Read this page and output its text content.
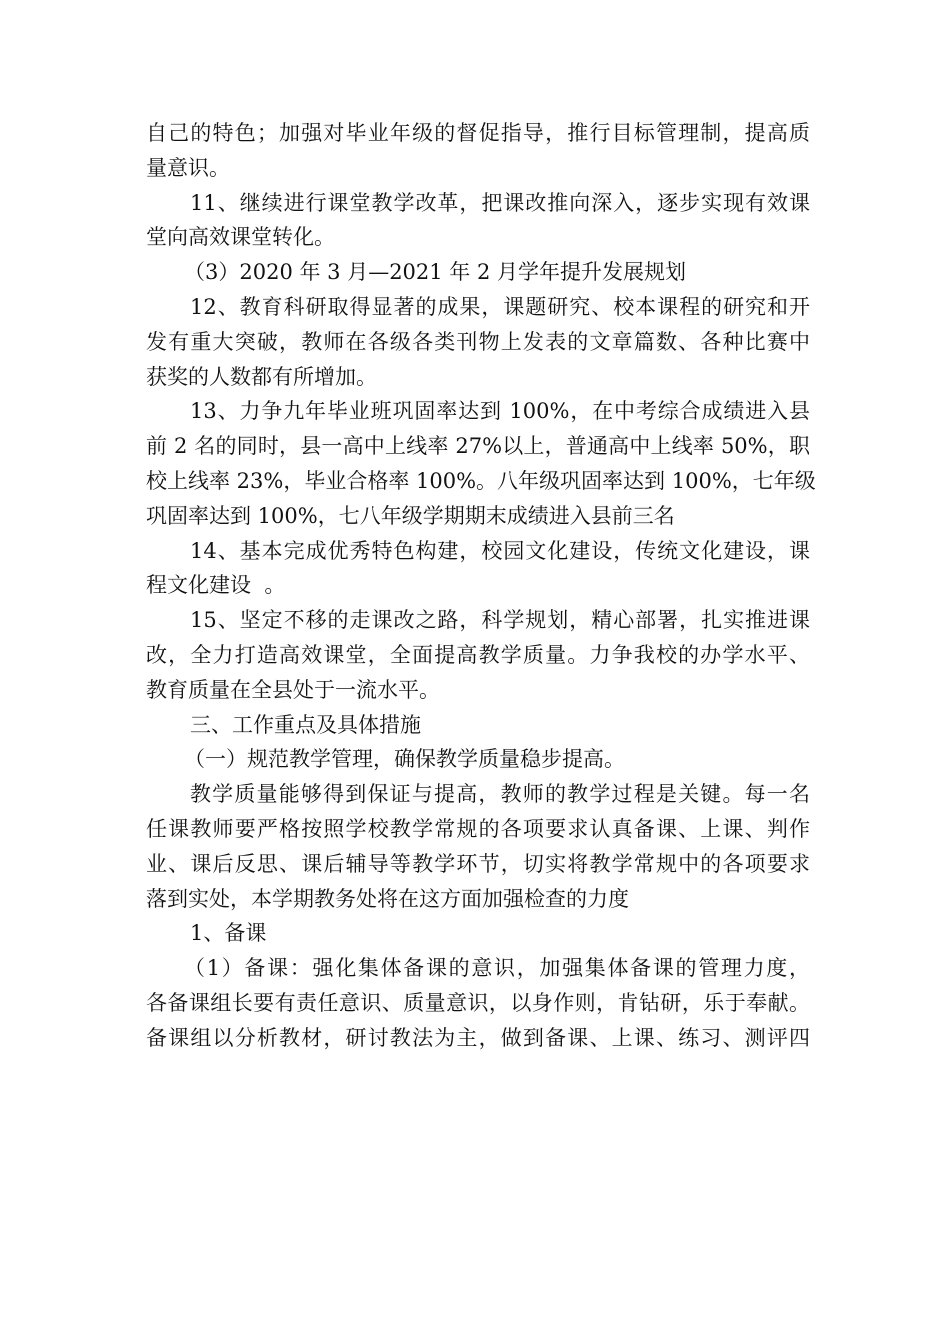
自己的特色；加强对毕业年级的督促指导，推行目标管理制，提高质
量意识。
11、继续进行课堂教学改革，把课改推向深入，逐步实现有效课
堂向高效课堂转化。
（3）2020 年 3 月—2021 年 2 月学年提升发展规划
12、教育科研取得显著的成果，课题研究、校本课程的研究和开
发有重大突破，教师在各级各类刊物上发表的文章篇数、各种比赛中
获奖的人数都有所增加。
13、力争九年毕业班巩固率达到 100%，在中考综合成绩进入县
前 2 名的同时，县一高中上线率 27%以上，普通高中上线率 50%，职
校上线率 23%，毕业合格率 100%。八年级巩固率达到 100%，七年级
巩固率达到 100%，七八年级学期期末成绩进入县前三名
14、基本完成优秀特色构建，校园文化建设，传统文化建设，课
程文化建设  。
15、坚定不移的走课改之路，科学规划，精心部署，扎实推进课
改，全力打造高效课堂，全面提高教学质量。力争我校的办学水平、
教育质量在全县处于一流水平。
三、工作重点及具体措施
（一）规范教学管理，确保教学质量稳步提高。
教学质量能够得到保证与提高，教师的教学过程是关键。每一名
任课教师要严格按照学校教学常规的各项要求认真备课、上课、判作
业、课后反思、课后辅导等教学环节，切实将教学常规中的各项要求
落到实处，本学期教务处将在这方面加强检查的力度
1、备课
（1）备课：强化集体备课的意识，加强集体备课的管理力度，
各备课组长要有责任意识、质量意识，以身作则，肯钻研，乐于奉献。
备课组以分析教材，研讨教法为主，做到备课、上课、练习、测评四
